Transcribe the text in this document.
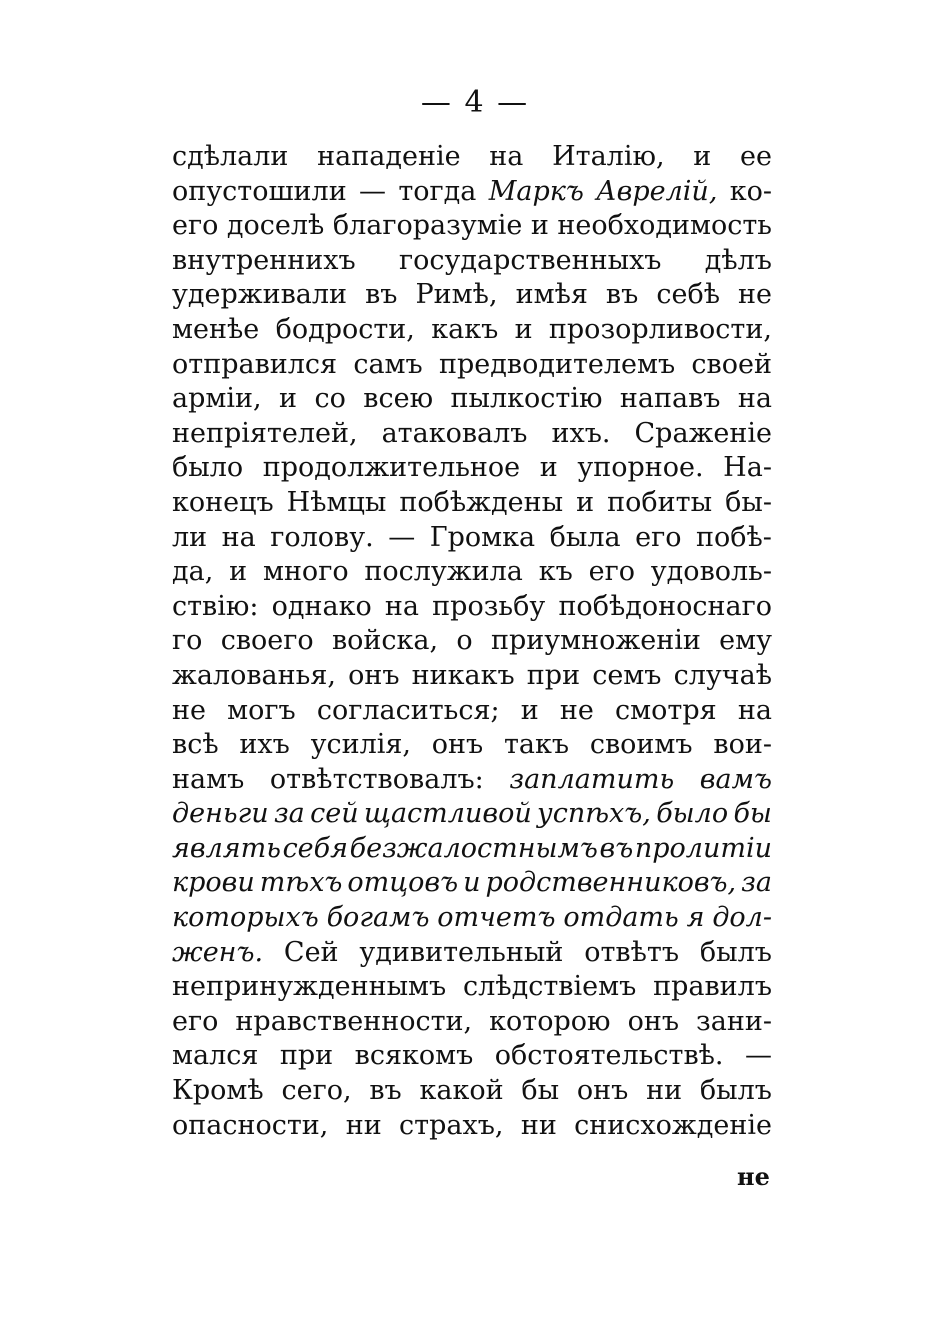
— 4 —
сдѣлали нападенiе на Италiю, и ее
опустошили — тогда Маркъ Аврелiй, ко-
его доселѣ благоразумiе и необходимость
внутреннихъ государственныхъ дѣлъ
удерживали въ Римѣ, имѣя въ себѣ не
менѣе бодрости, какъ и прозорливости,
отправился самъ предводителемъ своей
армiи, и со всею пылкостiю напавъ на
непрiятелей, атаковалъ ихъ. Сраженiе
было продолжительное и упорное. На-
конецъ Нѣмцы побѣждены и побиты бы-
ли на голову. — Громка была его побѣ-
да, и много послужила къ его удоволь-
ствiю: однако на прозьбу побѣдоноснаго
го своего войска, о приумноженiи ему
жалованья, онъ никакъ при семъ случаѣ
не могъ согласиться; и не смотря на
всѣ ихъ усилiя, онъ такъ своимъ вои-
намъ отвѣтствовалъ: заплатить вамъ
деньги за сей щастливой успѣхъ, было бы
являть себя безжалостнымъ въ пролитiи
крови тѣхъ отцовъ и родственниковъ, за
которыхъ богамъ отчетъ отдать я дол-
женъ. Сей удивительный отвѣтъ былъ
непринужденнымъ слѣдствiемъ правилъ
его нравственности, которою онъ зани-
мался при всякомъ обстоятельствѣ. —
Кромѣ сего, въ какой бы онъ ни былъ
опасности, ни страхъ, ни снисхожденiе
не
